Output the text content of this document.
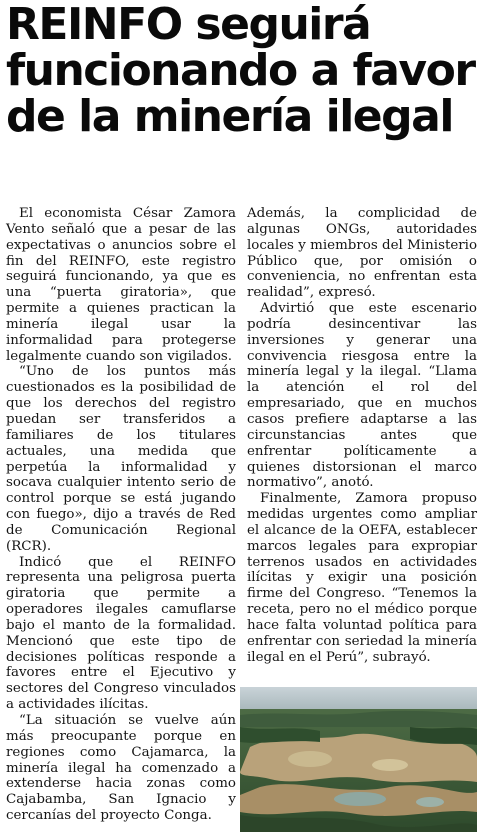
REINFO seguirá funcionando a favor de la minería ilegal

El economista César Zamora Vento señaló que a pesar de las expectativas o anuncios sobre el fin del REINFO, este registro seguirá funcionando, ya que es una “puerta giratoria», que permite a quienes practican la minería ilegal usar la informalidad para protegerse legalmente cuando son vigilados.

“Uno de los puntos más cuestionados es la posibilidad de que los derechos del registro puedan ser transferidos a familiares de los titulares actuales, una medida que perpetúa la informalidad y socava cualquier intento serio de control porque se está jugando con fuego», dijo a través de Red de Comunicación Regional (RCR).

Indicó que el REINFO representa una peligrosa puerta giratoria que permite a operadores ilegales camuflarse bajo el manto de la formalidad. Mencionó que este tipo de decisiones políticas responde a favores entre el Ejecutivo y sectores del Congreso vinculados a actividades ilícitas.

“La situación se vuelve aún más preocupante porque en regiones como Cajamarca, la minería ilegal ha comenzado a extenderse hacia zonas como Cajabamba, San Ignacio y cercanías del proyecto Conga.

Además, la complicidad de algunas ONGs, autoridades locales y miembros del Ministerio Público que, por omisión o conveniencia, no enfrentan esta realidad”, expresó.

Advirtió que este escenario podría desincentivar las inversiones y generar una convivencia riesgosa entre la minería legal y la ilegal. “Llama la atención el rol del empresariado, que en muchos casos prefiere adaptarse a las circunstancias antes que enfrentar políticamente a quienes distorsionan el marco normativo”, anotó.

Finalmente, Zamora propuso medidas urgentes como ampliar el alcance de la OEFA, establecer marcos legales para expropiar terrenos usados en actividades ilícitas y exigir una posición firme del Congreso. “Tenemos la receta, pero no el médico porque hace falta voluntad política para enfrentar con seriedad la minería ilegal en el Perú”, subrayó.
